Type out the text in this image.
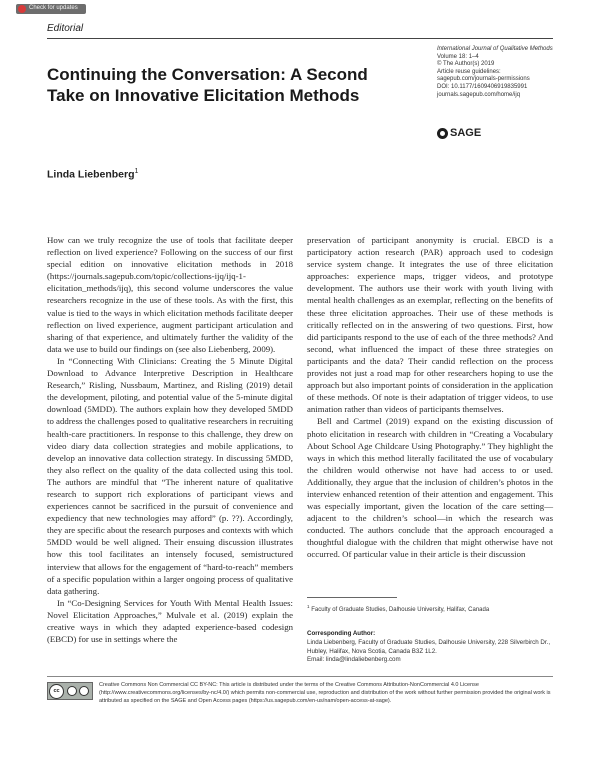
Check for updates
Editorial
Continuing the Conversation: A Second Take on Innovative Elicitation Methods
International Journal of Qualitative Methods
Volume 18: 1–4
© The Author(s) 2019
Article reuse guidelines:
sagepub.com/journals-permissions
DOI: 10.1177/1609406919835991
journals.sagepub.com/home/ijq
SAGE
Linda Liebenberg$^1$

How can we truly recognize the use of tools that facilitate deeper reflection on lived experience? Following on the success of our first special edition on innovative elicitation methods in 2018 (https://journals.sagepub.com/topic/collections-ijq/ijq-1-elicitation_methods/ijq), this second volume underscores the value researchers recognize in the use of these tools. As with the first, this value is tied to the ways in which elicitation methods facilitate deeper reflection on lived experience, augment participant articulation and sharing of that experience, and ultimately further the validity of the data we use to build our findings on (see also Liebenberg, 2009).

In “Connecting With Clinicians: Creating the 5 Minute Digital Download to Advance Interpretive Description in Healthcare Research,” Risling, Nussbaum, Martinez, and Risling (2019) detail the development, piloting, and potential value of the 5-minute digital download (5MDD). The authors explain how they developed 5MDD to address the challenges posed to qualitative researchers in recruiting health-care practitioners. In response to this challenge, they drew on video diary data collection strategies and mobile applications, to develop an innovative data collection strategy. In discussing 5MDD, they also reflect on the quality of the data collected using this tool. The authors are mindful that “The inherent nature of qualitative research to support rich explorations of participant views and experiences cannot be sacrificed in the pursuit of convenience and expediency that new technologies may afford” (p. ??). Accordingly, they are specific about the research purposes and contexts with which 5MDD would be well aligned. Their ensuing discussion illustrates how this tool facilitates an intensely focused, semistructured interview that allows for the engagement of “hard-to-reach” members of a specific population within a larger ongoing process of qualitative data gathering.

In “Co-Designing Services for Youth With Mental Health Issues: Novel Elicitation Approaches,” Mulvale et al. (2019) explain the creative ways in which they adapted experience-based codesign (EBCD) for use in settings where the

preservation of participant anonymity is crucial. EBCD is a participatory action research (PAR) approach used to codesign service system change. It integrates the use of three elicitation approaches: experience maps, trigger videos, and prototype development. The authors use their work with youth living with mental health challenges as an exemplar, reflecting on the benefits of these three elicitation approaches. Their use of these methods is critically reflected on in the answering of two questions. First, how did participants respond to the use of each of the three methods? And second, what influenced the impact of these three strategies on participants and the data? Their candid reflection on the process provides not just a road map for other researchers hoping to use the approach but also important points of consideration in the application of these methods. Of note is their adaptation of trigger videos, to use animation rather than videos of participants themselves.

Bell and Cartmel (2019) expand on the existing discussion of photo elicitation in research with children in “Creating a Vocabulary About School Age Childcare Using Photography.” They highlight the ways in which this method literally facilitated the use of vocabulary the children would otherwise not have had access to or used. Additionally, they argue that the inclusion of children’s photos in the interview enhanced retention of their attention and engagement. This was especially important, given the location of the care setting—adjacent to the children’s school—in which the research was conducted. The authors conclude that the approach encouraged a thoughtful dialogue with the children that might otherwise have not occurred. Of particular value in their article is their discussion

$^1$ Faculty of Graduate Studies, Dalhousie University, Halifax, Canada
Corresponding Author:
Linda Liebenberg, Faculty of Graduate Studies, Dalhousie University, 228 Silverbirch Dr., Hubley, Halifax, Nova Scotia, Canada B3Z 1L2.
Email: linda@lindaliebenberg.com
cc
Creative Commons Non Commercial CC BY-NC: This article is distributed under the terms of the Creative Commons Attribution-NonCommercial 4.0 License (http://www.creativecommons.org/licenses/by-nc/4.0/) which permits non-commercial use, reproduction and distribution of the work without further permission provided the original work is attributed as specified on the SAGE and Open Access pages (https://us.sagepub.com/en-us/nam/open-access-at-sage).
